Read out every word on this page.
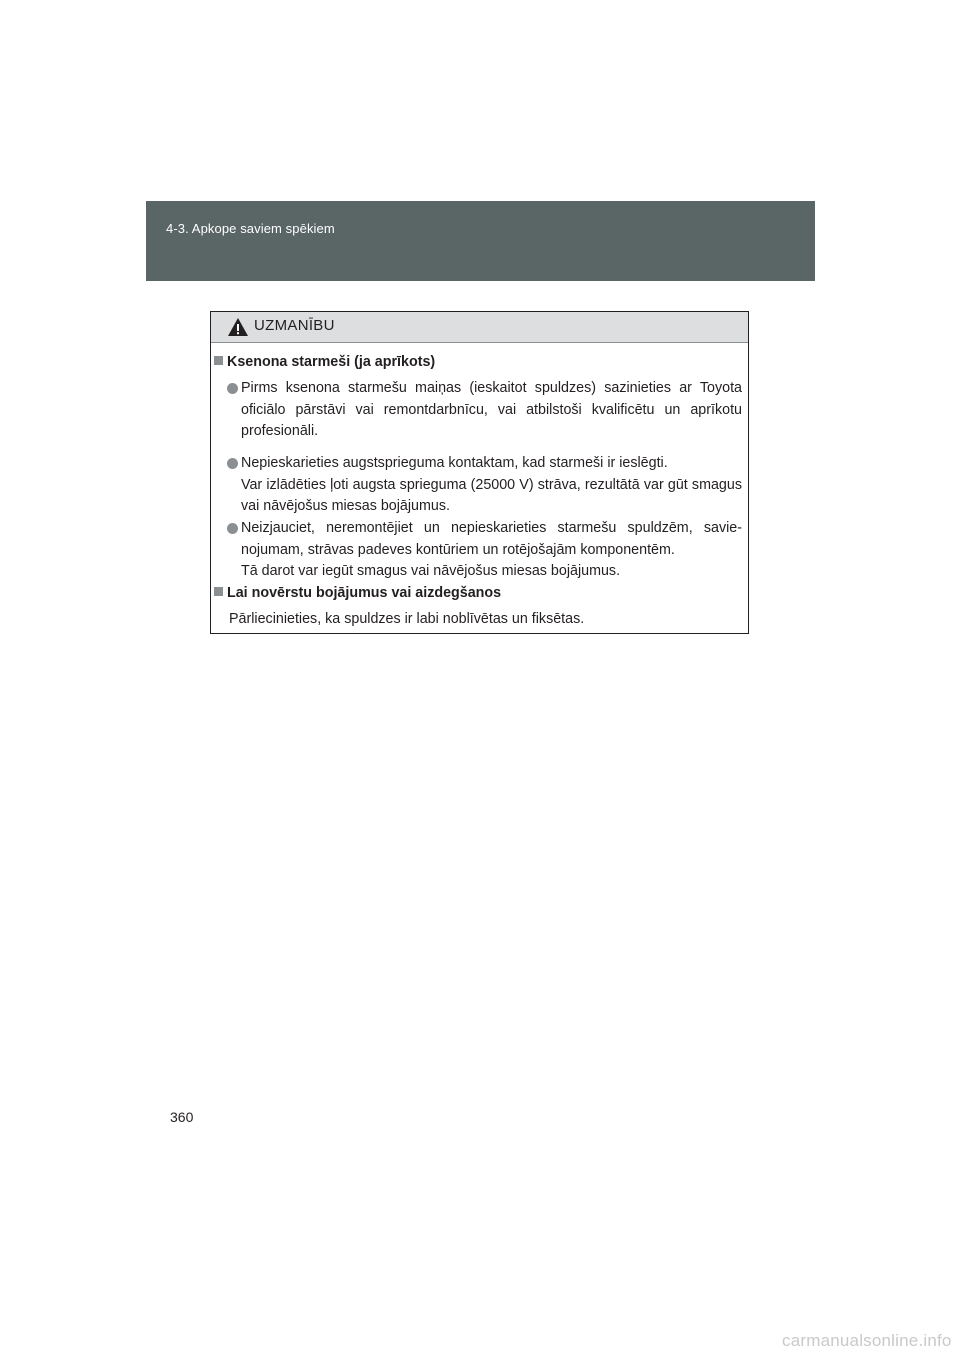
4-3. Apkope saviem spēkiem
UZMANĪBU
Ksenona starmeši (ja aprīkots)
Pirms ksenona starmešu maiņas (ieskaitot spuldzes) sazinieties ar Toyota oficiālo pārstāvi vai remontdarbnīcu, vai atbilstoši kvalificētu un aprīkotu profesionāli.

Nepieskarieties augstsprieguma kontaktam, kad starmeši ir ieslēgti.

Var izlādēties ļoti augsta sprieguma (25000 V) strāva, rezultātā var gūt smagus vai nāvējošus miesas bojājumus.

Neizjauciet, neremontējiet un nepieskarieties starmešu spuldzēm, savie-nojumam, strāvas padeves kontūriem un rotējošajām komponentēm.

Tā darot var iegūt smagus vai nāvējošus miesas bojājumus.

Lai novērstu bojājumus vai aizdegšanos
Pārliecinieties, ka spuldzes ir labi noblīvētas un fiksētas.
360
carmanualsonline.info
